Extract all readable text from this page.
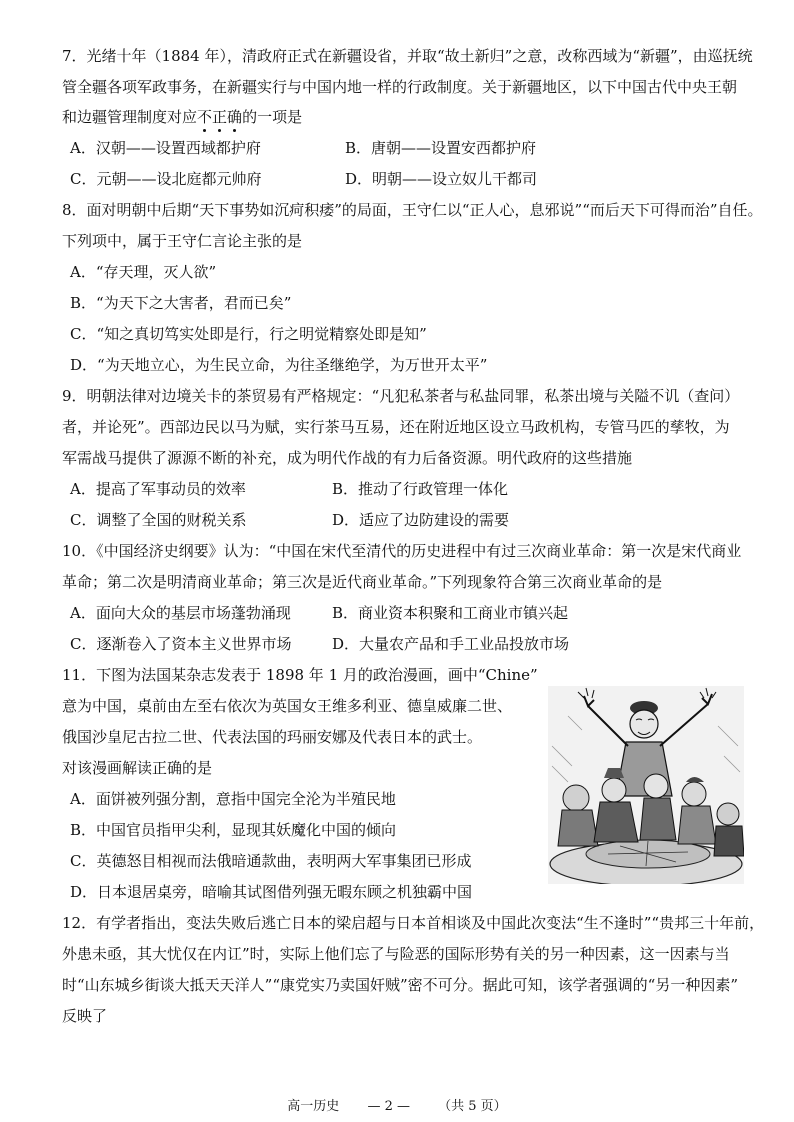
7．光绪十年（1884 年），清政府正式在新疆设省，并取“故土新归”之意，改称西域为“新疆”，由巡抚统
管全疆各项军政事务，在新疆实行与中国内地一样的行政制度。关于新疆地区，以下中国古代中央王朝
和边疆管理制度对应不正确的一项是
A．汉朝——设置西域都护府	B．唐朝——设置安西都护府
C．元朝——设北庭都元帅府	D．明朝——设立奴儿干都司
8．面对明朝中后期“天下事势如沉疴积痿”的局面，王守仁以“正人心，息邪说”“而后天下可得而治”自任。
下列项中，属于王守仁言论主张的是
A．“存天理，灭人欲”
B．“为天下之大害者，君而已矣”
C．“知之真切笃实处即是行，行之明觉精察处即是知”
D．“为天地立心，为生民立命，为往圣继绝学，为万世开太平”
9．明朝法律对边境关卡的茶贸易有严格规定：“凡犯私茶者与私盐同罪，私茶出境与关隘不讥（查问）
者，并论死”。西部边民以马为赋，实行茶马互易，还在附近地区设立马政机构，专管马匹的孳牧，为
军需战马提供了源源不断的补充，成为明代作战的有力后备资源。明代政府的这些措施
A．提高了军事动员的效率	B．推动了行政管理一体化
C．调整了全国的财税关系	D．适应了边防建设的需要
10．《中国经济史纲要》认为：“中国在宋代至清代的历史进程中有过三次商业革命：第一次是宋代商业
革命；第二次是明清商业革命；第三次是近代商业革命。”下列现象符合第三次商业革命的是
A．面向大众的基层市场蓬勃涌现	B．商业资本积聚和工商业市镇兴起
C．逐渐卷入了资本主义世界市场	D．大量农产品和手工业品投放市场
11．下图为法国某杂志发表于 1898 年 1 月的政治漫画，画中“Chine”
意为中国，桌前由左至右依次为英国女王维多利亚、德皇威廉二世、
俄国沙皇尼古拉二世、代表法国的玛丽安娜及代表日本的武士。
对该漫画解读正确的是
A．面饼被列强分割，意指中国完全沦为半殖民地
B．中国官员指甲尖利，显现其妖魔化中国的倾向
C．英德怒目相视而法俄暗通款曲，表明两大军事集团已形成
D．日本退居桌旁，暗喻其试图借列强无暇东顾之机独霸中国
12．有学者指出，变法失败后逃亡日本的梁启超与日本首相谈及中国此次变法“生不逢时”“贵邦三十年前，
外患未亟，其大忧仅在内讧”时，实际上他们忘了与险恶的国际形势有关的另一种因素，这一因素与当
时“山东城乡街谈大抵天天洋人”“康党实乃卖国奸贼”密不可分。据此可知，该学者强调的“另一种因素”
反映了
高一历史 — 2 — （共 5 页）
